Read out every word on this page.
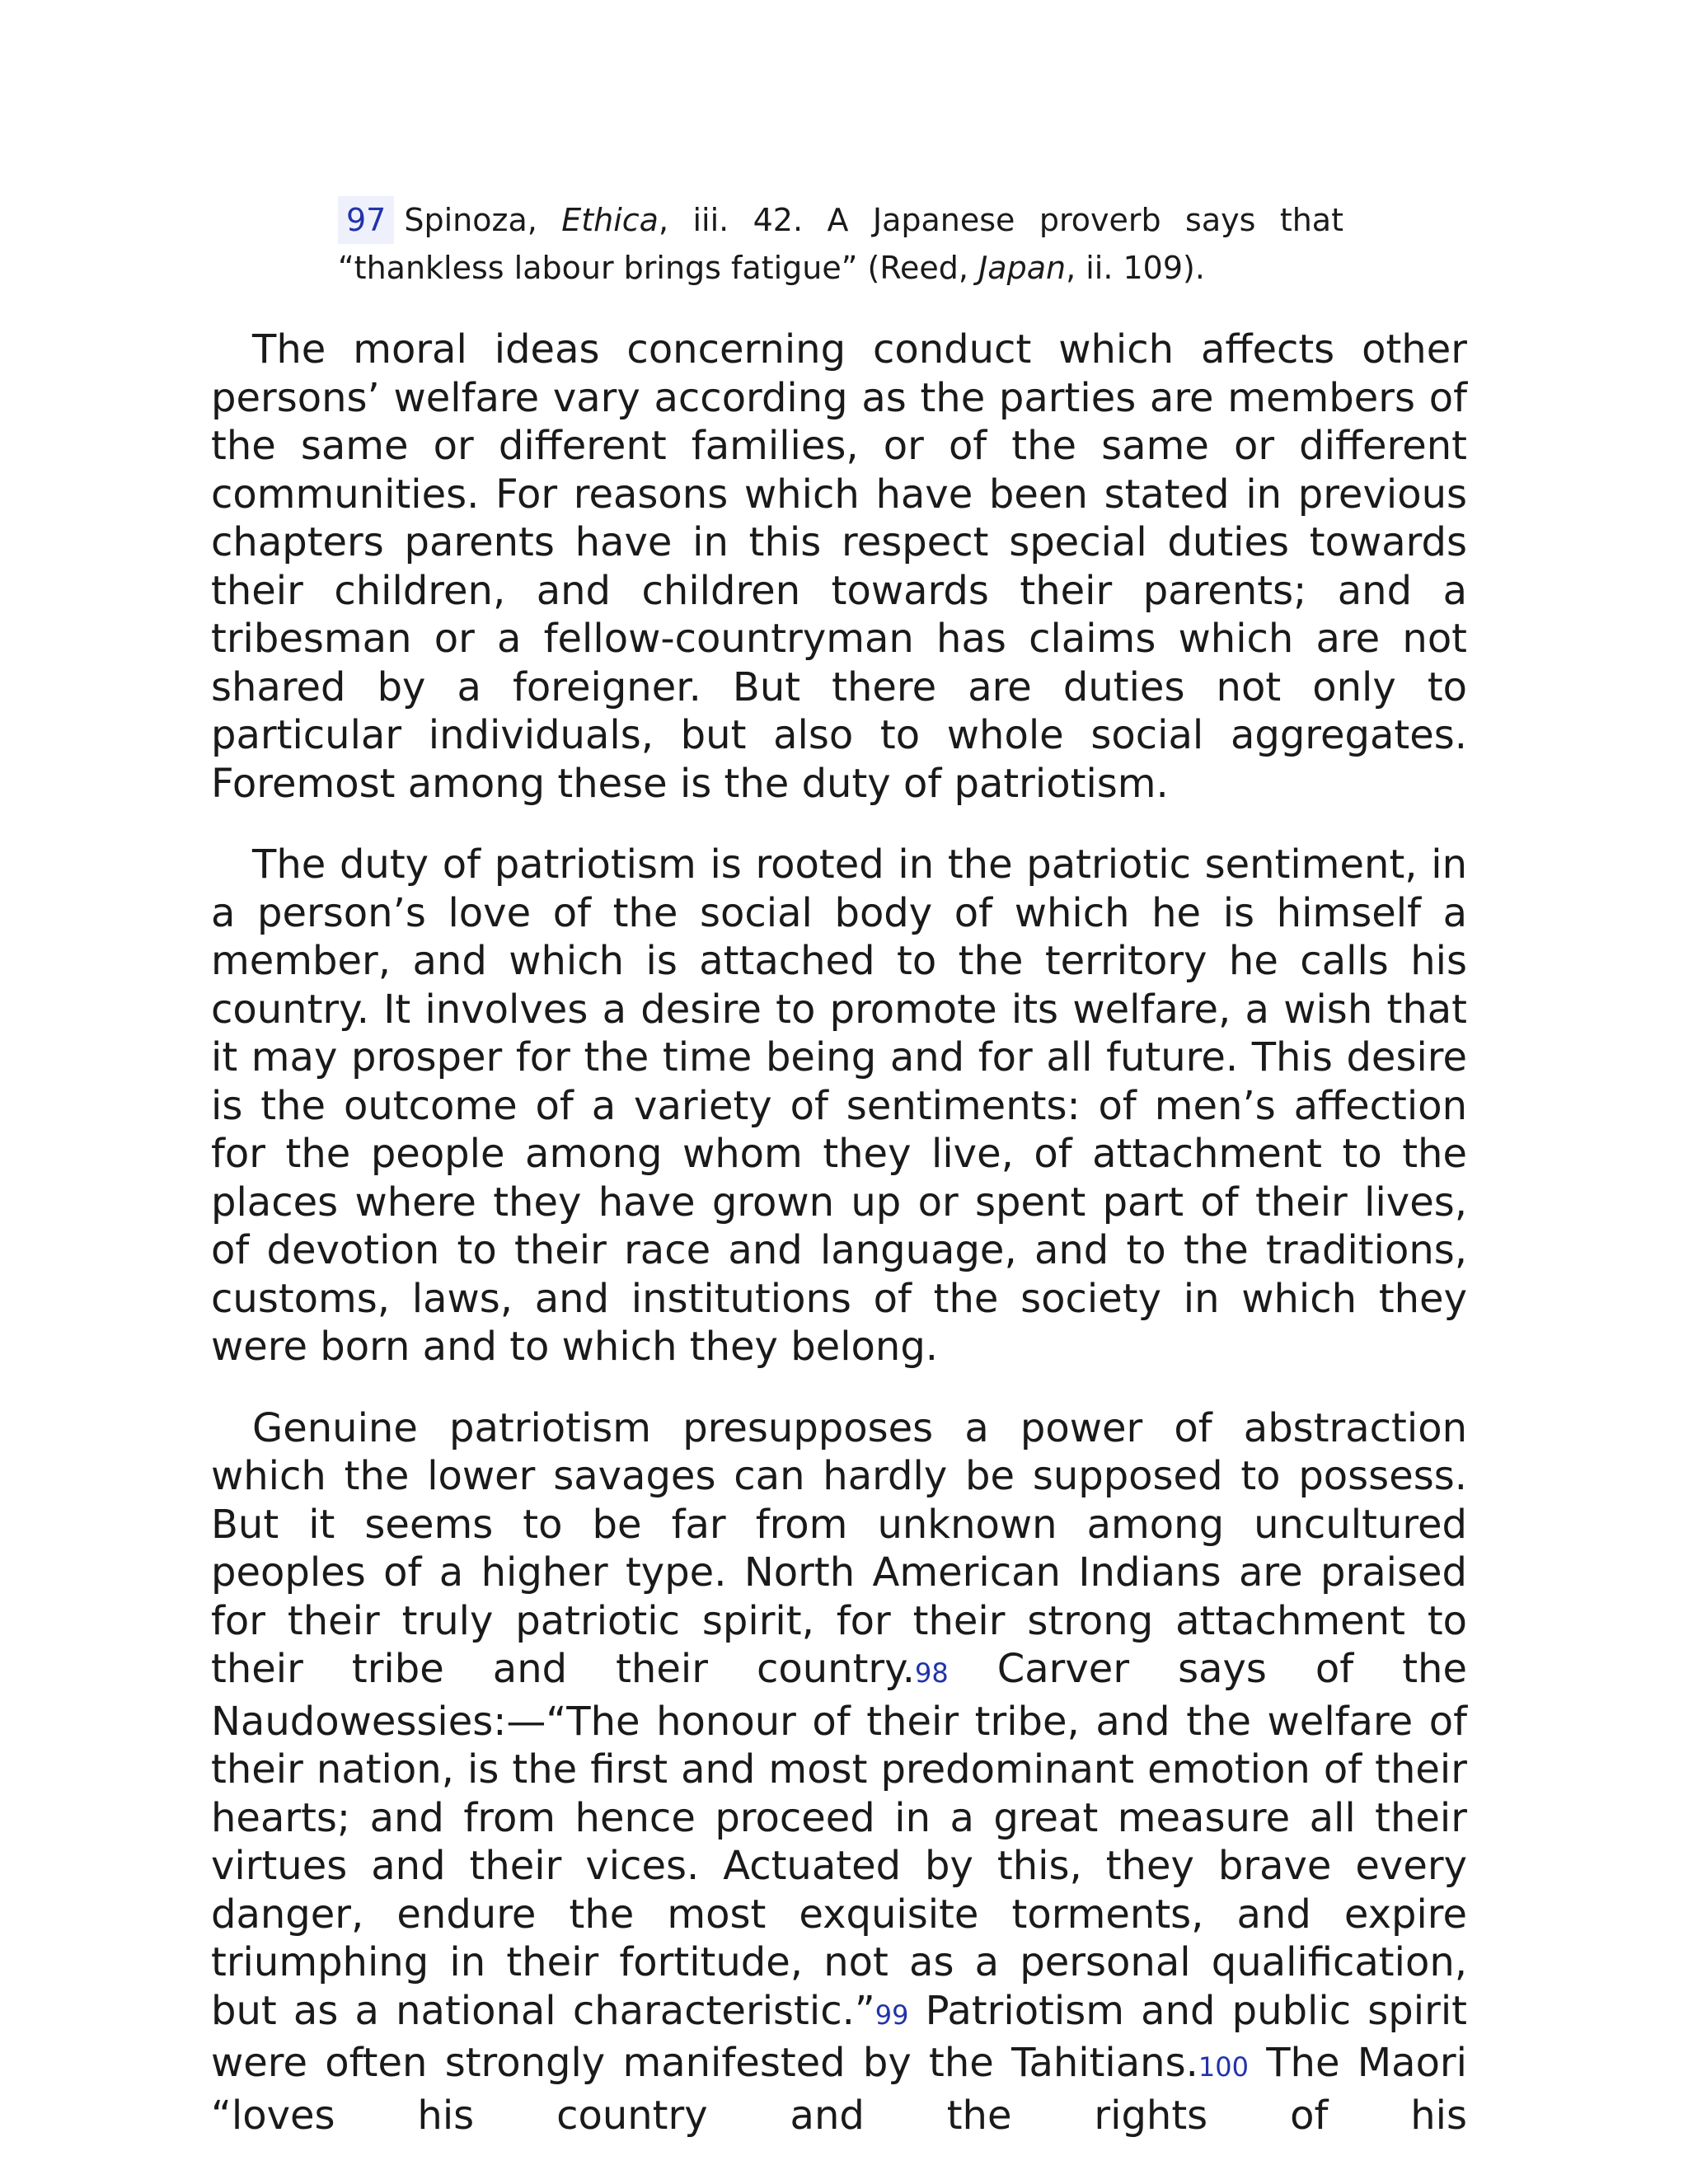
97 Spinoza, Ethica, iii. 42. A Japanese proverb says that “thankless labour brings fatigue” (Reed, Japan, ii. 109).

The moral ideas concerning conduct which affects other persons’ welfare vary according as the parties are members of the same or different families, or of the same or different communities. For reasons which have been stated in previous chapters parents have in this respect special duties towards their children, and children towards their parents; and a tribesman or a fellow-countryman has claims which are not shared by a foreigner. But there are duties not only to particular individuals, but also to whole social aggregates. Foremost among these is the duty of patriotism.

The duty of patriotism is rooted in the patriotic sentiment, in a person’s love of the social body of which he is himself a member, and which is attached to the territory he calls his country. It involves a desire to promote its welfare, a wish that it may prosper for the time being and for all future. This desire is the outcome of a variety of sentiments: of men’s affection for the people among whom they live, of attachment to the places where they have grown up or spent part of their lives, of devotion to their race and language, and to the traditions, customs, laws, and institutions of the society in which they were born and to which they belong.

Genuine patriotism presupposes a power of abstraction which the lower savages can hardly be supposed to possess. But it seems to be far from unknown among uncultured peoples of a higher type. North American Indians are praised for their truly patriotic spirit, for their strong attachment to their tribe and their country.98 Carver says of the Naudowessies:—“The honour of their tribe, and the welfare of their nation, is the first and most predominant emotion of their hearts; and from hence proceed in a great measure all their virtues and their vices. Actuated by this, they brave every danger, endure the most exquisite torments, and expire triumphing in their fortitude, not as a personal qualification, but as a national characteristic.”99 Patriotism and public spirit were often strongly manifested by the Tahitians.100 The Maori “loves his country and the rights of his
